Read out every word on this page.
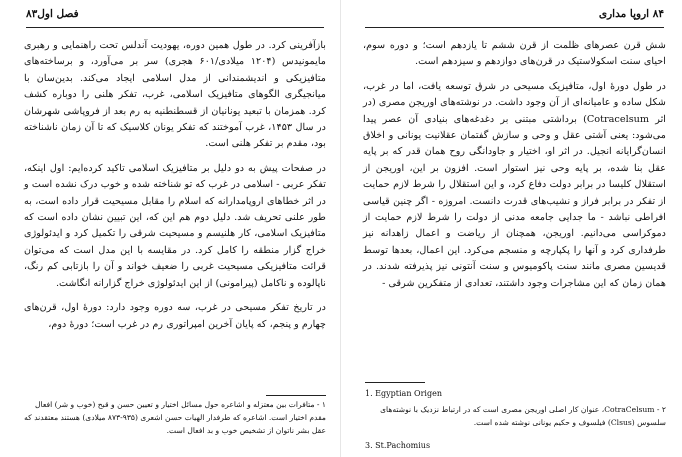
فصل اول۸۳

بازآفرینی کرد. در طول همین دوره، یهودیت آندلس تحت راهنمایی و رهبری مایمونیدس (۱۲۰۴ میلادی/۶۰۱ هجری) سر بر می‌آورد، و برساخته‌های متافیزیکی و اندیشمندانی از مدل اسلامی ایجاد می‌کند. بدین‌سان با میانجیگری الگوهای متافیزیک اسلامی، غرب، تفکر هلنی را دوباره کشف کرد. همزمان با تبعید یونانیان از قسطنطنیه به رم بعد از فروپاشی شهرشان در سال ۱۴۵۳، غرب آموختند که تفکر یونان کلاسیک که تا آن زمان ناشناخته بود، مقدم بر تفکر هلنی است.

در صفحات پیش به دو دلیل بر متافیزیک اسلامی تاکید کرده‌ایم: اول اینکه، تفکر عربی - اسلامی در غرب که تو شناخته شده و خوب درک نشده است و در اثر خطاهای اروپامدارانه که اسلام را مقابل مسیحیت قرار داده است، به طور علنی تحریف شد. دلیل دوم هم این که، این تبیین نشان داده است که متافیزیک اسلامی، کار هلنیسم و مسیحیت شرقی را تکمیل کرد و ایدئولوژی خراج گزار منطقه را کامل کرد. در مقایسه با این مدل است که می‌توان قرائت متافیزیکی مسیحیت غربی را ضعیف خواند و آن را بازتابی کم رنگ، ناپالوده و ناکامل (پیرامونی) از این ایدئولوژی خراج گزارانه انگاشت.

در تاریخ تفکر مسیحی در غرب، سه دوره وجود دارد: دورهٔ اول، قرن‌های چهارم و پنجم، که پایان آخرین امپراتوری رم در غرب است؛ دورهٔ دوم،

۱ - متافرات بین معتزله و اشاعره حول مسائل اختیار و تعیین حسن و قبح (خوب و شر) افعال مقدم اختیار است. اشاعره که طرفدار الهیات حسن اشعری (۹۳۵-۸۷۳ میلادی) هستند معتقدند که عقل بشر ناتوان از تشخیص خوب و بد افعال است.

۸۴ اروپا مداری

شش قرن عصرهای ظلمت از قرن ششم تا یازدهم است؛ و دوره سوم، احیای سنت اسکولاستیک در قرن‌های دوازدهم و سیزدهم است.

در طول دورهٔ اول، متافیزیک مسیحی در شرق توسعه یافت، اما در غرب، شکل ساده و عامیانه‌ای از آن وجود داشت. در نوشته‌های اوریجن مصری (در اثر Cotracelsum) برداشتی مبتنی بر دغدغه‌های بنیادی آن عصر پیدا می‌شود: یعنی آشتی عقل و وحی و سازش گفتمان عقلانیت یونانی و اخلاق انسان‌گرایانه انجیل. در اثر او، اختیار و جاودانگی روح همان قدر که بر پایه عقل بنا شده، بر پایه وحی نیز استوار است. افزون بر این، اوریجن از استقلال کلیسا در برابر دولت دفاع کرد، و این استقلال را شرط لازم حمایت از تفکر در برابر فراز و نشیب‌های قدرت دانست. امروزه - اگر چنین قیاسی افراطی نباشد - ما جدایی جامعه مدنی از دولت را شرط لازم حمایت از دموکراسی می‌دانیم. اوریجن، همچنان از ریاضت و اعمال زاهدانه نیز طرفداری کرد و آنها را پکپارچه و منسجم می‌کرد. این اعمال، بعدها توسط قدیسین مصری مانند سنت پاکومیوس و سنت آنتونی نیز پذیرفته شدند. در همان زمان که این مشاجرات وجود داشتند، تعدادی از متفکرین شرقی -

1. Egyptian Origen

۲ - CotraCelsum، عنوان کار اصلی اوریجن مصری است که در ارتباط نزدیک با نوشته‌های سلسوس (Clsus) فیلسوف و حکیم یونانی نوشته شده است.

3. St.Pachomius
